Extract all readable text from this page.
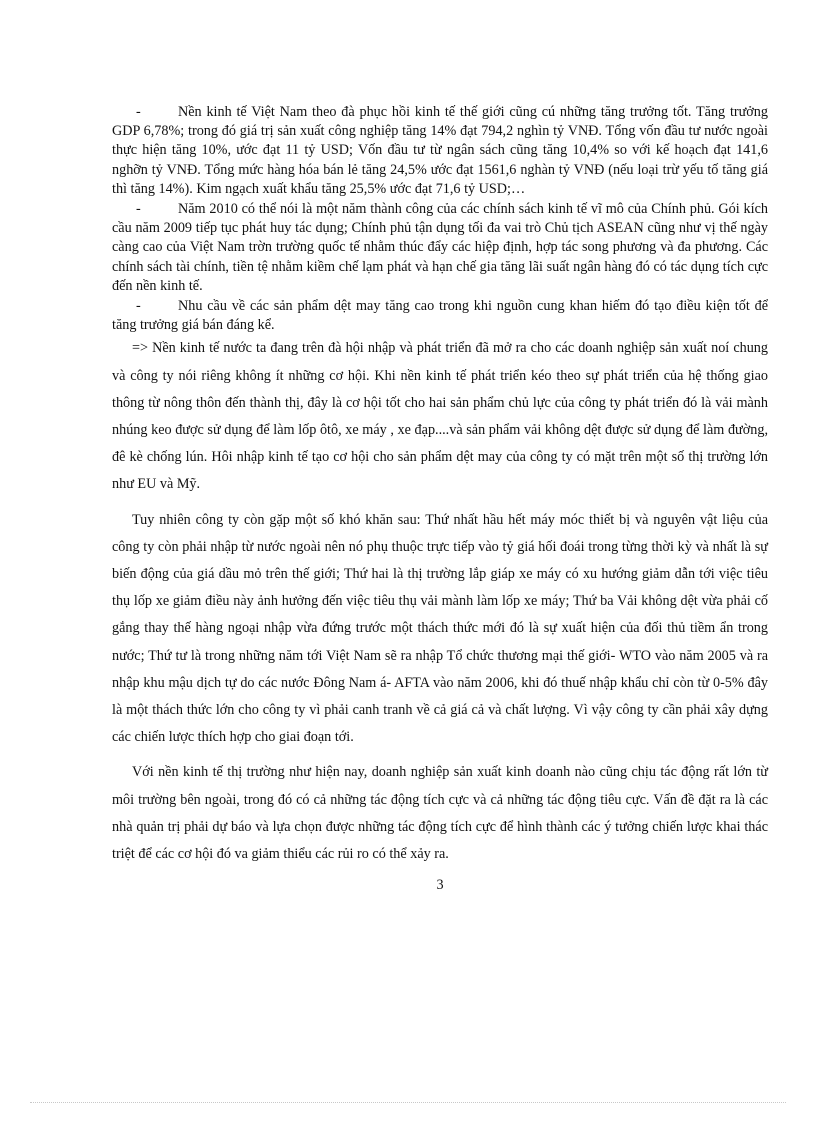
-	Nền kinh tế Việt Nam theo đà phục hồi kinh tế thế giới cũng cú những tăng trưởng tốt. Tăng trưởng GDP 6,78%; trong đó giá trị sản xuất công nghiệp tăng 14% đạt 794,2 nghìn tỷ VNĐ. Tổng vốn đầu tư nước ngoài thực hiện tăng 10%, ước đạt 11 tỷ USD; Vốn đầu tư từ ngân sách cũng tăng 10,4% so với kế hoạch đạt 141,6 nghỡn tỷ VNĐ. Tổng mức hàng hóa bán lẻ tăng 24,5% ước đạt 1561,6 nghàn tỷ VNĐ (nếu loại trừ yếu tố tăng giá thì tăng 14%). Kim ngạch xuất khẩu tăng 25,5% ước đạt 71,6 tỷ USD;…

-	Năm 2010 có thể nói là một năm thành công của các chính sách kinh tế vĩ mô của Chính phủ. Gói kích cầu năm 2009 tiếp tục phát huy tác dụng; Chính phủ tận dụng tối đa vai trò Chủ tịch ASEAN cũng như vị thế ngày càng cao của Việt Nam trờn trường quốc tế nhằm thúc đẩy các hiệp định, hợp tác song phương và đa phương. Các chính sách tài chính, tiền tệ nhằm kiềm chế lạm phát và hạn chế gia tăng lãi suất ngân hàng đó có tác dụng tích cực đến nền kinh tế.

-	Nhu cầu về các sản phẩm dệt may tăng cao trong khi nguồn cung khan hiếm đó tạo điều kiện tốt để tăng trưởng giá bán đáng kể.

=> Nền kinh tế nước ta đang trên đà hội nhập và phát triển đã mở ra cho các doanh nghiệp sản xuất noí chung và công ty nói riêng không ít những cơ hội. Khi nền kinh tế phát triển kéo theo sự phát triển của hệ thống giao thông từ nông thôn đến thành thị, đây là cơ hội tốt cho hai sản phẩm chủ lực của công ty phát triển đó là vải mành nhúng keo được sử dụng để làm lốp ôtô, xe máy , xe đạp....và sản phẩm vải không dệt được sử dụng để làm đường, đê kè chống lún. Hôi nhập kinh tế tạo cơ hội cho sản phẩm dệt may của công ty có mặt trên một số thị trường lớn như EU và Mỹ.

Tuy nhiên công ty còn gặp một số khó khăn sau: Thứ nhất hầu hết máy móc thiết bị và nguyên vật liệu của công ty còn phải nhập từ nước ngoài nên nó phụ thuộc trực tiếp vào tỷ giá hối đoái trong từng thời kỳ và nhất là sự biến động của giá dầu mỏ trên thế giới; Thứ hai là thị trường lắp giáp xe máy có xu hướng giảm dẫn tới việc tiêu thụ lốp xe giảm điều này ảnh hưởng đến việc tiêu thụ vải mành làm lốp xe máy; Thứ ba Vải không dệt vừa phải cố gắng thay thế hàng ngoại nhập vừa đứng trước một thách thức mới đó là sự xuất hiện của đối thủ tiềm ẩn trong nước; Thứ tư là trong những năm tới Việt Nam sẽ ra nhập Tổ chức thương mại thế giới- WTO vào năm 2005 và ra nhập khu mậu dịch tự do các nước Đông Nam á- AFTA vào năm 2006, khi đó thuế nhập khẩu chỉ còn từ 0-5% đây là một thách thức lớn cho công ty vì phải canh tranh về cả giá cả và chất lượng. Vì vậy công ty cần phải xây dựng các chiến lược thích hợp cho giai đoạn tới.

Với nền kinh tế thị trường như hiện nay, doanh nghiệp sản xuất kinh doanh nào cũng chịu tác động rất lớn từ môi trường bên ngoài, trong đó có cả những tác động tích cực và cả những tác động tiêu cực. Vấn đề đặt ra là các nhà quản trị phải dự báo và lựa chọn được những tác động tích cực để hình thành các ý tưởng chiến lược khai thác triệt để các cơ hội đó va giảm thiểu các rủi ro có thể xảy ra.

3
